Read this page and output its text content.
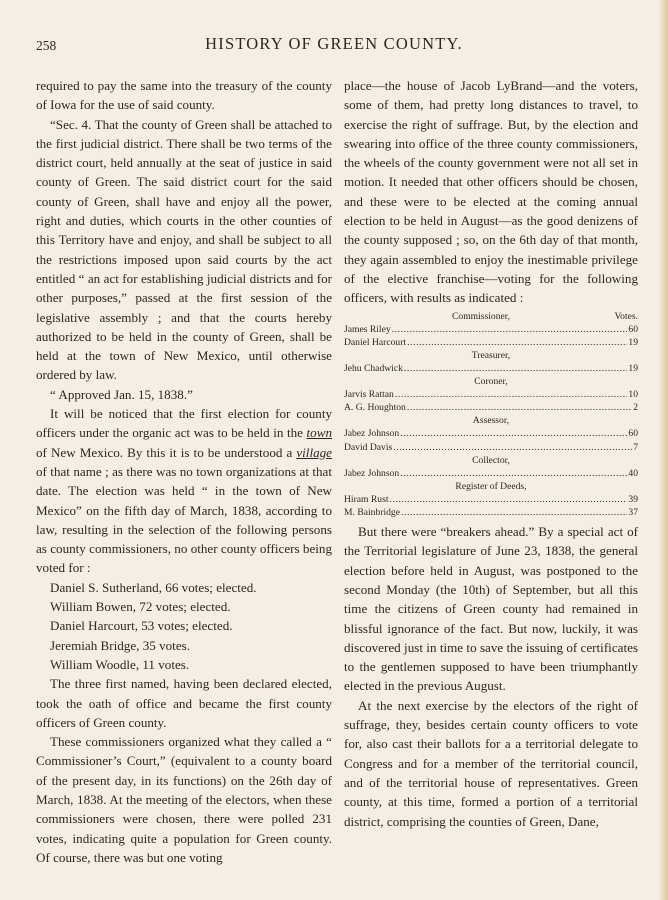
258	HISTORY OF GREEN COUNTY.

required to pay the same into the treasury of the county of Iowa for the use of said county.

“Sec. 4. That the county of Green shall be attached to the first judicial district. There shall be two terms of the district court, held annually at the seat of justice in said county of Green. The said district court for the said county of Green, shall have and enjoy all the power, right and duties, which courts in the other counties of this Territory have and enjoy, and shall be subject to all the restrictions imposed upon said courts by the act entitled “ an act for establishing judicial districts and for other purposes,” passed at the first session of the legislative assembly ; and that the courts hereby authorized to be held in the county of Green, shall be held at the town of New Mexico, until otherwise ordered by law.

“ Approved Jan. 15, 1838.”

It will be noticed that the first election for county officers under the organic act was to be held in the town of New Mexico. By this it is to be understood a village of that name ; as there was no town organizations at that date. The election was held “ in the town of New Mexico” on the fifth day of March, 1838, according to law, resulting in the selection of the following persons as county commissioners, no other county officers being voted for :

Daniel S. Sutherland, 66 votes; elected.

William Bowen, 72 votes; elected.

Daniel Harcourt, 53 votes; elected.

Jeremiah Bridge, 35 votes.

William Woodle, 11 votes.

The three first named, having been declared elected, took the oath of office and became the first county officers of Green county.

These commissioners organized what they called a “ Commissioner’s Court,” (equivalent to a county board of the present day, in its functions) on the 26th day of March, 1838. At the meeting of the electors, when these commissioners were chosen, there were polled 231 votes, indicating quite a population for Green county. Of course, there was but one voting

place—the house of Jacob LyBrand—and the voters, some of them, had pretty long distances to travel, to exercise the right of suffrage. But, by the election and swearing into office of the three county commissioners, the wheels of the county government were not all set in motion. It needed that other officers should be chosen, and these were to be elected at the coming annual election to be held in August—as the good denizens of the county supposed ; so, on the 6th day of that month, they again assembled to enjoy the inestimable privilege of the elective franchise—voting for the following officers, with results as indicated :

Commissioner,	Votes.
James Riley .....	60
Daniel Harcourt .....	19

Treasurer,

Jehu Chadwick .....	19

Coroner,

Jarvis Rattan .....	10
A. G. Houghton .....	2

Assessor,

Jabez Johnson .....	60
David Davis .....	7

Collector,

Jabez Johnson .....	40

Register of Deeds,

Hiram Rust .....	39
M. Bainbridge .....	37

But there were “breakers ahead.” By a special act of the Territorial legislature of June 23, 1838, the general election before held in August, was postponed to the second Monday (the 10th) of September, but all this time the citizens of Green county had remained in blissful ignorance of the fact. But now, luckily, it was discovered just in time to save the issuing of certificates to the gentlemen supposed to have been triumphantly elected in the previous August.

At the next exercise by the electors of the right of suffrage, they, besides certain county officers to vote for, also cast their ballots for a a territorial delegate to Congress and for a member of the territorial council, and of the territorial house of representatives. Green county, at this time, formed a portion of a territorial district, comprising the counties of Green, Dane,
